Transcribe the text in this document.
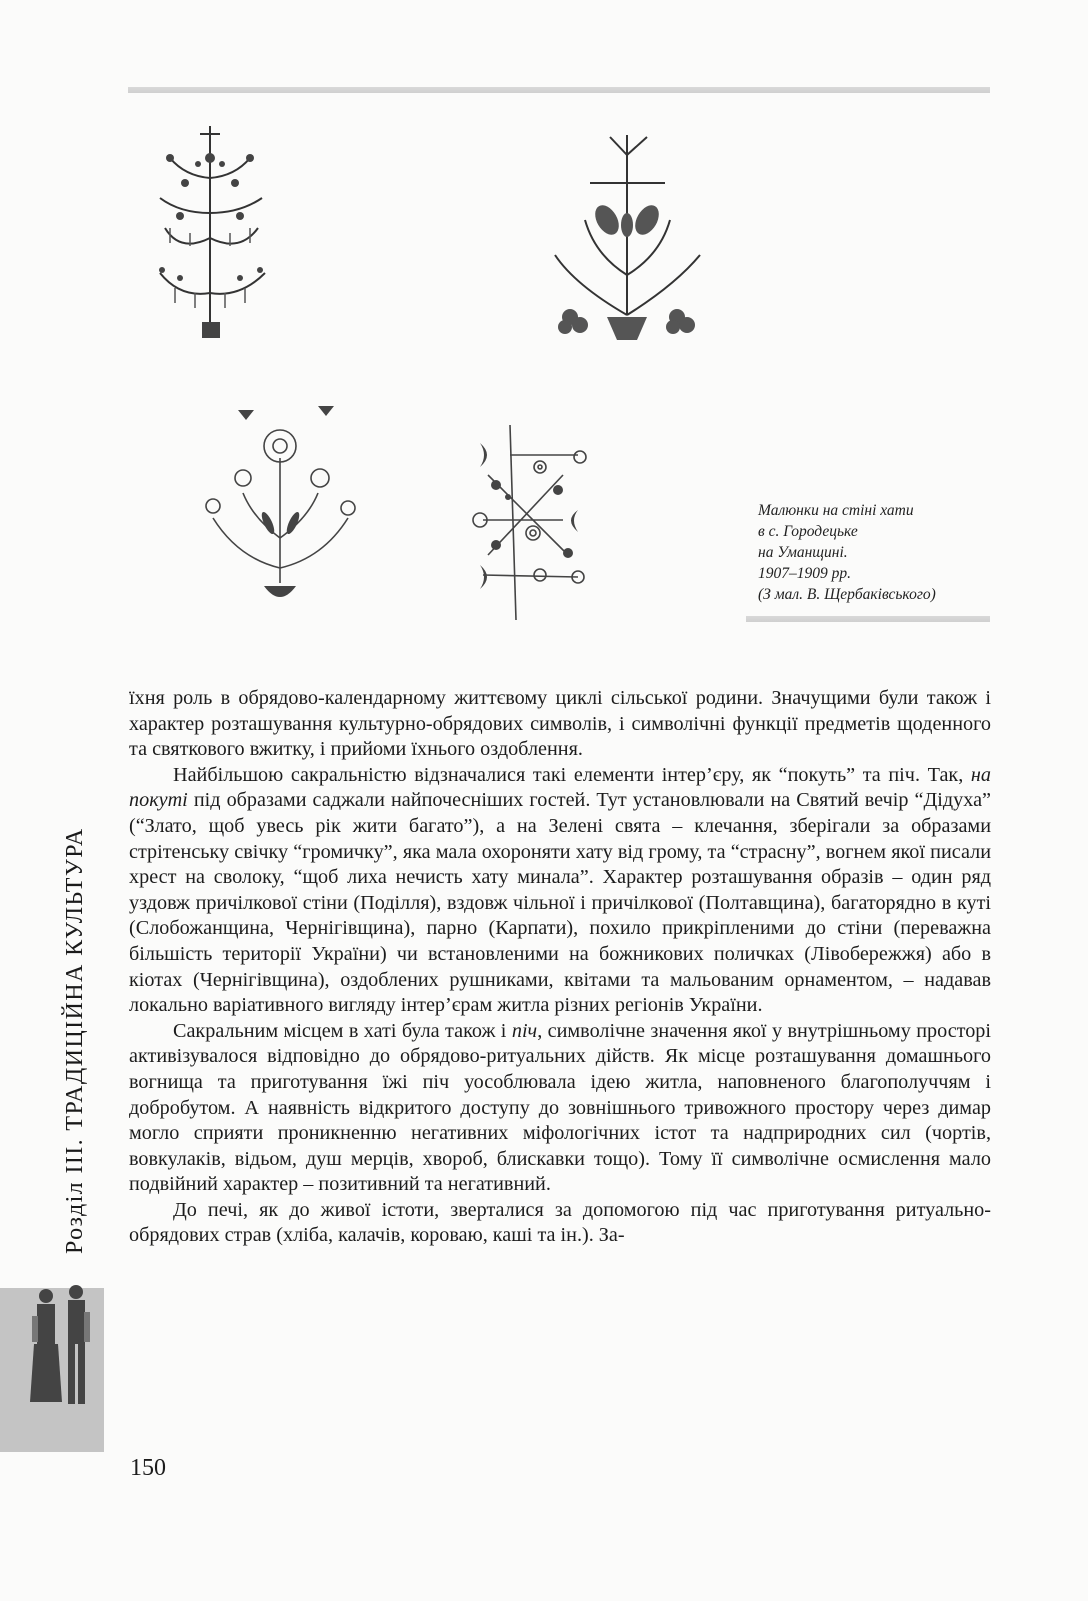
Малюнки на стіні хати
в с. Городецьке
на Уманщині.
1907–1909 рр.
(З мал. В. Щербаківського)
Розділ ІІІ. ТРАДИЦІЙНА КУЛЬТУРА

їхня роль в обрядово-календарному життєвому циклі сільської родини. Значущими були також і характер розташування культурно-обрядових символів, і символічні функції предметів щоденного та святкового вжитку, і прийоми їхнього оздоблення.

Найбільшою сакральністю відзначалися такі елементи інтер’єру, як “покуть” та піч. Так, на покуті під образами саджали найпочесніших гостей. Тут установлювали на Святий вечір “Дідуха” (“Злато, щоб увесь рік жити багато”), а на Зелені свята – клечання, зберігали за образами стрітенську свічку “громичку”, яка мала охороняти хату від грому, та “страсну”, вогнем якої писали хрест на сволоку, “щоб лиха нечисть хату минала”. Характер розташування образів – один ряд уздовж причілкової стіни (Поділля), вздовж чільної і причілкової (Полтавщина), багаторядно в куті (Слобожанщина, Чернігівщина), парно (Карпати), похило прикріпленими до стіни (переважна більшість території України) чи встановленими на божникових поличках (Лівобережжя) або в кіотах (Чернігівщина), оздоблених рушниками, квітами та мальованим орнаментом, – надавав локально варіативного вигляду інтер’єрам житла різних регіонів України.

Сакральним місцем в хаті була також і піч, символічне значення якої у внутрішньому просторі активізувалося відповідно до обрядово-ритуальних дійств. Як місце розташування домашнього вогнища та приготування їжі піч уособлювала ідею житла, наповненого благополуччям і добробутом. А наявність відкритого доступу до зовнішнього тривожного простору через димар могло сприяти проникненню негативних міфологічних істот та надприродних сил (чортів, вовкулаків, відьом, душ мерців, хвороб, блискавки тощо). Тому її символічне осмислення мало подвійний характер – позитивний та негативний.

До печі, як до живої істоти, зверталися за допомогою під час приготування ритуально-обрядових страв (хліба, калачів, короваю, каші та ін.). За-

150
